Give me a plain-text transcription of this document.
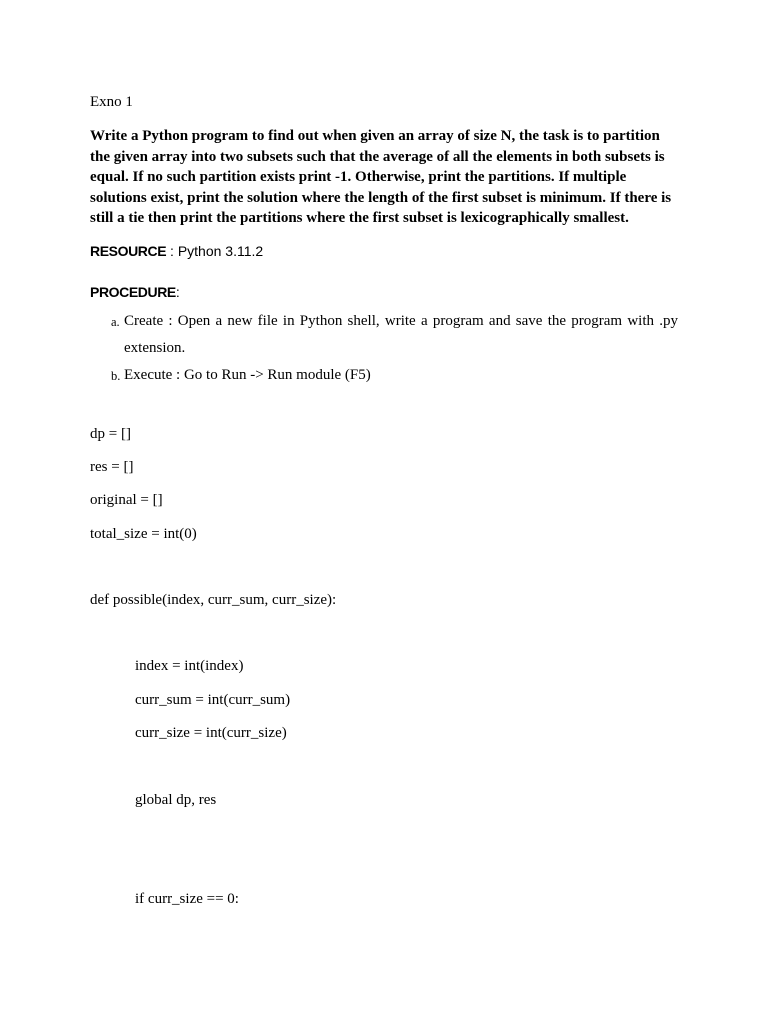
Exno 1

Write a Python program to find out when given an array of size N, the task is to partition the given array into two subsets such that the average of all the elements in both subsets is equal. If no such partition exists print -1. Otherwise, print the partitions. If multiple solutions exist, print the solution where the length of the first subset is minimum. If there is still a tie then print the partitions where the first subset is lexicographically smallest.

RESOURCE : Python 3.11.2
PROCEDURE:
a. Create : Open a new file in Python shell, write a program and save the program with .py extension.
b. Execute : Go to Run -> Run module (F5)
dp = []
res = []
original = []
total_size = int(0)
def possible(index, curr_sum, curr_size):
index = int(index)
curr_sum = int(curr_sum)
curr_size = int(curr_size)
global dp, res
if curr_size == 0:
